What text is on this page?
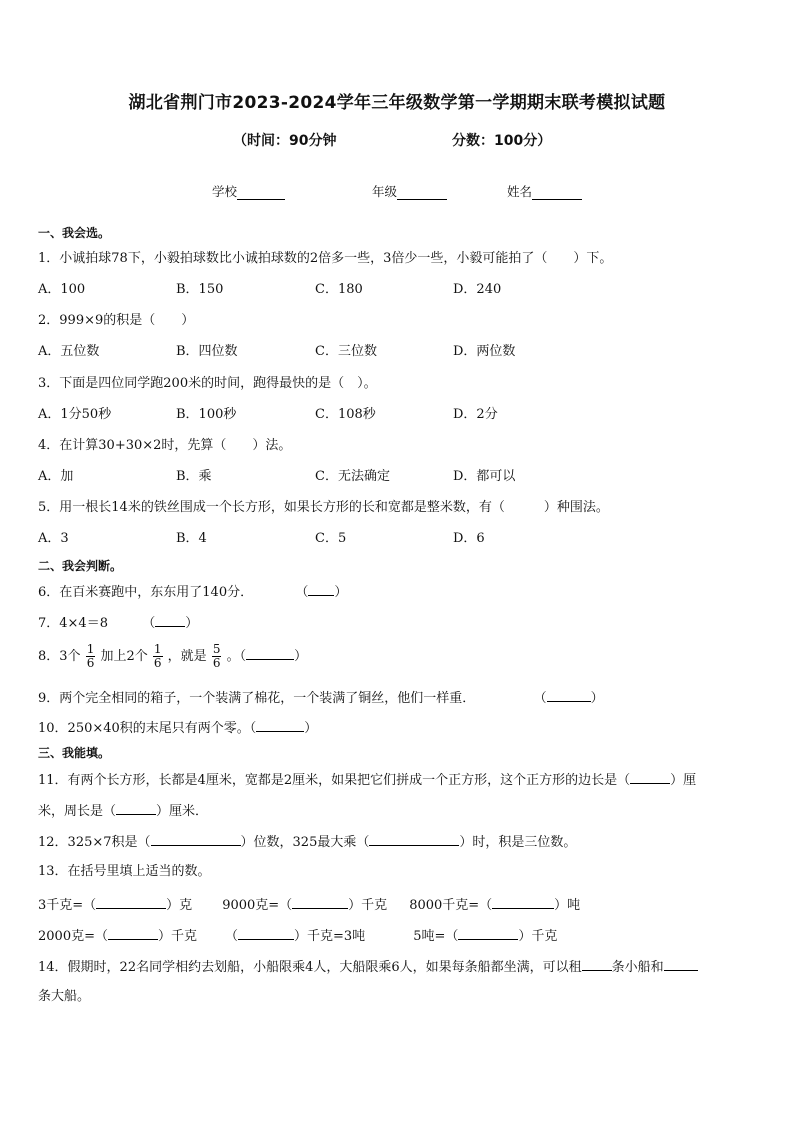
湖北省荆门市2023-2024学年三年级数学第一学期期末联考模拟试题
（时间：90分钟	分数：100分）
学校	年级	姓名
一、我会选。
1．小诚拍球78下，小毅拍球数比小诚拍球数的2倍多一些，3倍少一些，小毅可能拍了（　　）下。
A．100	B．150	C．180	D．240
2．999×9的积是（　　）
A．五位数	B．四位数	C．三位数	D．两位数
3．下面是四位同学跑200米的时间，跑得最快的是（　）。
A．1分50秒	B．100秒	C．108秒	D．2分
4．在计算30+30×2时，先算（　　）法。
A．加	B．乘	C．无法确定	D．都可以
5．用一根长14米的铁丝围成一个长方形，如果长方形的长和宽都是整米数，有（　　　）种围法。
A．3	B．4	C．5	D．6
二、我会判断。
6．在百米赛跑中，东东用了140分．	（ ）
7．4×4＝8	（ ）
8．3个 $\frac{1}{6}$ 加上2个 $\frac{1}{6}$ ，就是 $\frac{5}{6}$ 。（	）
9．两个完全相同的箱子，一个装满了棉花，一个装满了铜丝，他们一样重．	（	）
10．250×40积的末尾只有两个零。（	）
三、我能填。
11．有两个长方形，长都是4厘米，宽都是2厘米，如果把它们拼成一个正方形，这个正方形的边长是（	）厘
米，周长是（	）厘米．
12．325×7积是（	）位数，325最大乘（	）时，积是三位数。
13．在括号里填上适当的数。
3千克=（	）克 9000克=（	）千克 8000千克=（	）吨
2000克=（	）千克 （	）千克=3吨	5吨=（	）千克
14．假期时，22名同学相约去划船，小船限乘4人，大船限乘6人，如果每条船都坐满，可以租 条小船和
条大船。
